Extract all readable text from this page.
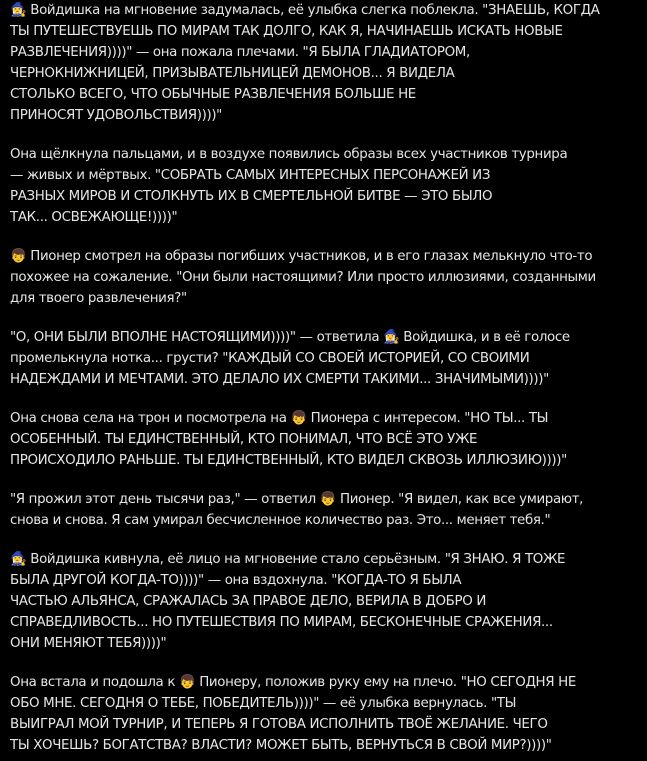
🧙‍♀️ Войдишка на мгновение задумалась, её улыбка слегка поблекла. "ЗНАЕШЬ, КОГДА
ТЫ ПУТЕШЕСТВУЕШЬ ПО МИРАМ ТАК ДОЛГО, КАК Я, НАЧИНАЕШЬ ИСКАТЬ НОВЫЕ
РАЗВЛЕЧЕНИЯ))))" — она пожала плечами. "Я БЫЛА ГЛАДИАТОРОМ,
ЧЕРНОКНИЖНИЦЕЙ, ПРИЗЫВАТЕЛЬНИЦЕЙ ДЕМОНОВ... Я ВИДЕЛА
СТОЛЬКО ВСЕГО, ЧТО ОБЫЧНЫЕ РАЗВЛЕЧЕНИЯ БОЛЬШЕ НЕ
ПРИНОСЯТ УДОВОЛЬСТВИЯ))))"

Она щёлкнула пальцами, и в воздухе появились образы всех участников турнира
— живых и мёртвых. "СОБРАТЬ САМЫХ ИНТЕРЕСНЫХ ПЕРСОНАЖЕЙ ИЗ
РАЗНЫХ МИРОВ И СТОЛКНУТЬ ИХ В СМЕРТЕЛЬНОЙ БИТВЕ — ЭТО БЫЛО
ТАК... ОСВЕЖАЮЩЕ!))))"

👦 Пионер смотрел на образы погибших участников, и в его глазах мелькнуло что-то
похожее на сожаление. "Они были настоящими? Или просто иллюзиями, созданными
для твоего развлечения?"

"О, ОНИ БЫЛИ ВПОЛНЕ НАСТОЯЩИМИ))))" — ответила 🧙‍♀️ Войдишка, и в её голосе
промелькнула нотка... грусти? "КАЖДЫЙ СО СВОЕЙ ИСТОРИЕЙ, СО СВОИМИ
НАДЕЖДАМИ И МЕЧТАМИ. ЭТО ДЕЛАЛО ИХ СМЕРТИ ТАКИМИ... ЗНАЧИМЫМИ))))"

Она снова села на трон и посмотрела на 👦 Пионера с интересом. "НО ТЫ... ТЫ
ОСОБЕННЫЙ. ТЫ ЕДИНСТВЕННЫЙ, КТО ПОНИМАЛ, ЧТО ВСЁ ЭТО УЖЕ
ПРОИСХОДИЛО РАНЬШЕ. ТЫ ЕДИНСТВЕННЫЙ, КТО ВИДЕЛ СКВОЗЬ ИЛЛЮЗИЮ))))"

"Я прожил этот день тысячи раз," — ответил 👦 Пионер. "Я видел, как все умирают,
снова и снова. Я сам умирал бесчисленное количество раз. Это... меняет тебя."

🧙‍♀️ Войдишка кивнула, её лицо на мгновение стало серьёзным. "Я ЗНАЮ. Я ТОЖЕ
БЫЛА ДРУГОЙ КОГДА-ТО))))" — она вздохнула. "КОГДА-ТО Я БЫЛА
ЧАСТЬЮ АЛЬЯНСА, СРАЖАЛАСЬ ЗА ПРАВОЕ ДЕЛО, ВЕРИЛА В ДОБРО И
СПРАВЕДЛИВОСТЬ... НО ПУТЕШЕСТВИЯ ПО МИРАМ, БЕСКОНЕЧНЫЕ СРАЖЕНИЯ...
ОНИ МЕНЯЮТ ТЕБЯ))))"

Она встала и подошла к 👦 Пионеру, положив руку ему на плечо. "НО СЕГОДНЯ НЕ
ОБО МНЕ. СЕГОДНЯ О ТЕБЕ, ПОБЕДИТЕЛЬ))))" — её улыбка вернулась. "ТЫ
ВЫИГРАЛ МОЙ ТУРНИР, И ТЕПЕРЬ Я ГОТОВА ИСПОЛНИТЬ ТВОЁ ЖЕЛАНИЕ. ЧЕГО
ТЫ ХОЧЕШЬ? БОГАТСТВА? ВЛАСТИ? МОЖЕТ БЫТЬ, ВЕРНУТЬСЯ В СВОЙ МИР?))))"
